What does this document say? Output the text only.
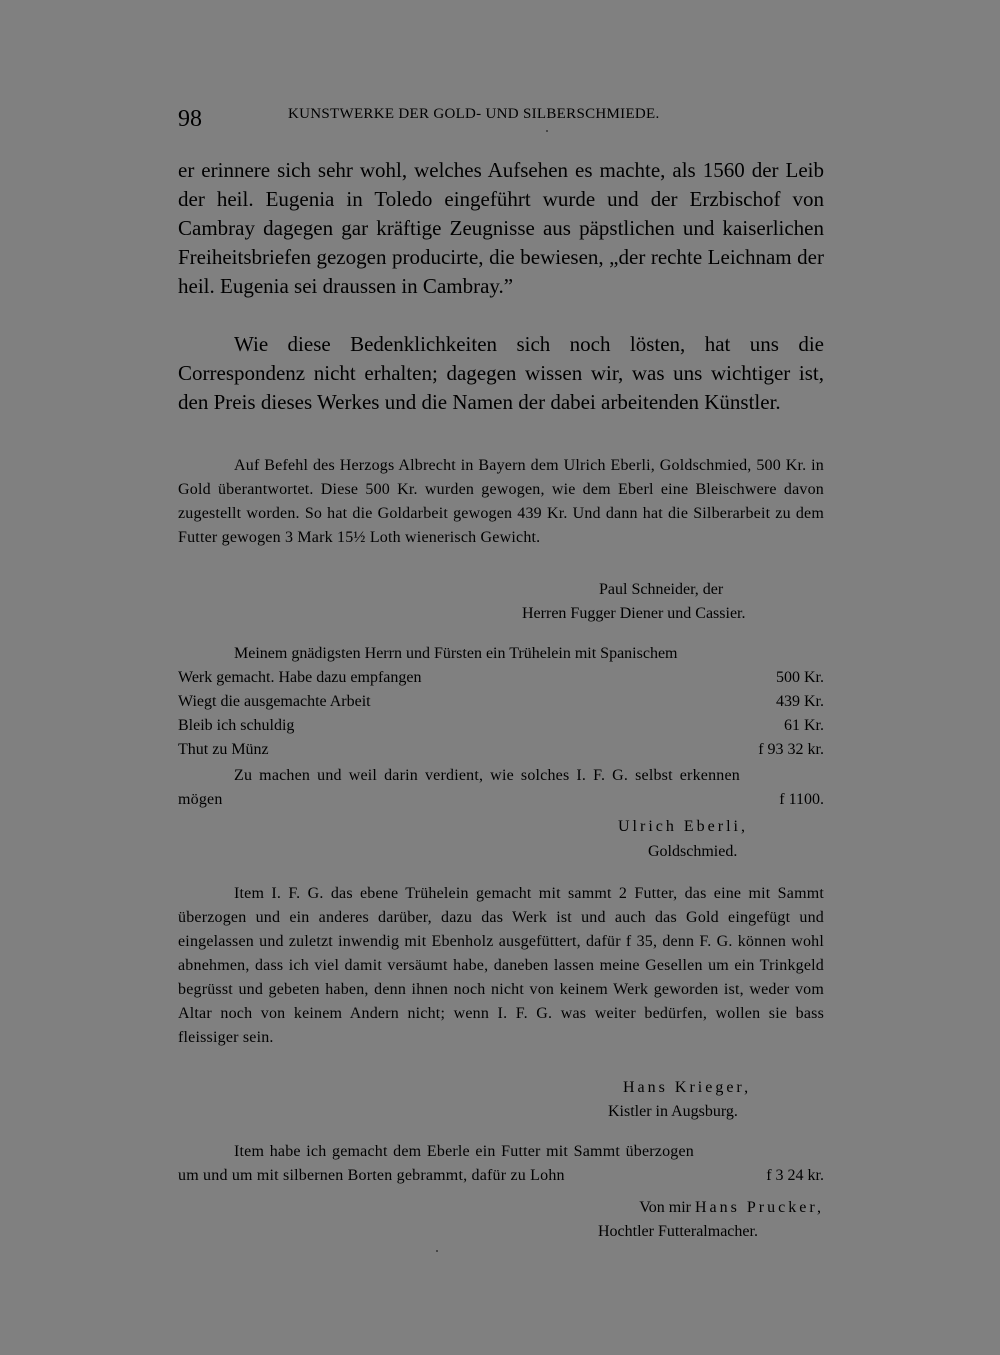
98	KUNSTWERKE DER GOLD- UND SILBERSCHMIEDE.

er erinnere sich sehr wohl, welches Aufsehen es machte, als 1560 der Leib der heil. Eugenia in Toledo eingeführt wurde und der Erzbischof von Cambray dagegen gar kräftige Zeugnisse aus päpstlichen und kaiserlichen Freiheitsbriefen gezogen producirte, die bewiesen, „der rechte Leichnam der heil. Eugenia sei draussen in Cambray.”

Wie diese Bedenklichkeiten sich noch lösten, hat uns die Correspondenz nicht erhalten; dagegen wissen wir, was uns wichtiger ist, den Preis dieses Werkes und die Namen der dabei arbeitenden Künstler.

Auf Befehl des Herzogs Albrecht in Bayern dem Ulrich Eberli, Goldschmied, 500 Kr. in Gold überantwortet. Diese 500 Kr. wurden gewogen, wie dem Eberl eine Bleischwere davon zugestellt worden. So hat die Goldarbeit gewogen 439 Kr. Und dann hat die Silberarbeit zu dem Futter gewogen 3 Mark 15½ Loth wienerisch Gewicht.

Paul Schneider, der
Herren Fugger Diener und Cassier.
Meinem gnädigsten Herrn und Fürsten ein Trühelein mit Spanischem
Werk gemacht. Habe dazu empfangen	500 Kr.
Wiegt die ausgemachte Arbeit	439 Kr.
Bleib ich schuldig	61 Kr.
Thut zu Münz	f 93 32 kr.

Zu machen und weil darin verdient, wie solches I. F. G. selbst erkennen mögen	f 1100.
Ulrich Eberli,
Goldschmied.

Item I. F. G. das ebene Trühelein gemacht mit sammt 2 Futter, das eine mit Sammt überzogen und ein anderes darüber, dazu das Werk ist und auch das Gold eingefügt und eingelassen und zuletzt inwendig mit Ebenholz ausgefüttert, dafür f 35, denn F. G. können wohl abnehmen, dass ich viel damit versäumt habe, daneben lassen meine Gesellen um ein Trinkgeld begrüsst und gebeten haben, denn ihnen noch nicht von keinem Werk geworden ist, weder vom Altar noch von keinem Andern nicht; wenn I. F. G. was weiter bedürfen, wollen sie bass fleissiger sein.

Hans Krieger,
Kistler in Augsburg.

Item habe ich gemacht dem Eberle ein Futter mit Sammt überzogen um und um mit silbernen Borten gebrammt, dafür zu Lohn	f 3 24 kr.
Von mir Hans Prucker,
Hochtler Futteralmacher.
